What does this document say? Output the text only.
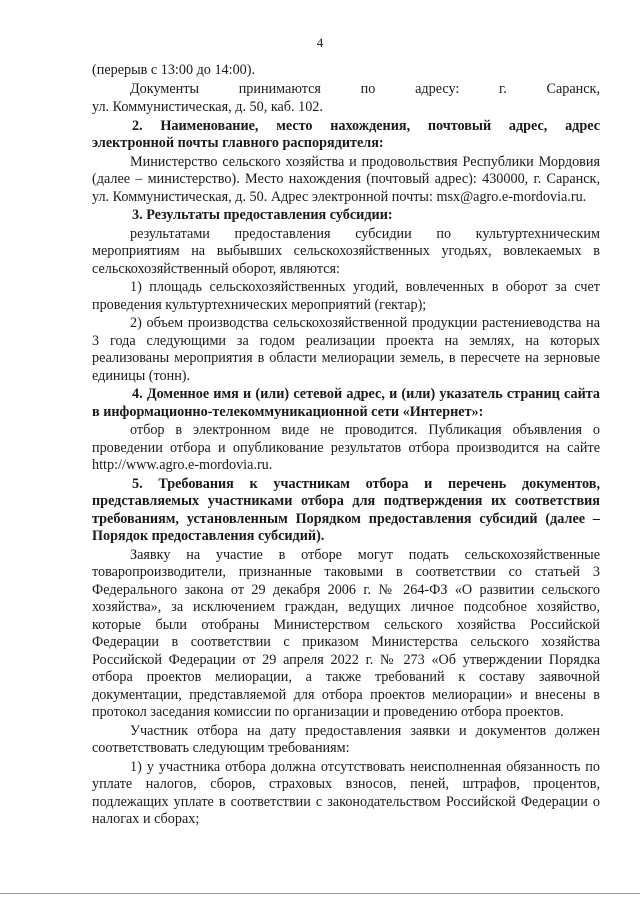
4

(перерыв с 13:00 до 14:00).

Документы принимаются по адресу: г. Саранск,

ул. Коммунистическая, д. 50, каб. 102.

2. Наименование, место нахождения, почтовый адрес, адрес электронной почты главного распорядителя:

Министерство сельского хозяйства и продовольствия Республики Мордовия (далее – министерство). Место нахождения (почтовый адрес): 430000, г. Саранск, ул. Коммунистическая, д. 50. Адрес электронной почты: msx@agro.e-mordovia.ru.

3. Результаты предоставления субсидии:

результатами предоставления субсидии по культуртехническим мероприятиям на выбывших сельскохозяйственных угодьях, вовлекаемых в сельскохозяйственный оборот, являются:

1) площадь сельскохозяйственных угодий, вовлеченных в оборот за счет проведения культуртехнических мероприятий (гектар);

2) объем производства сельскохозяйственной продукции растениеводства на 3 года следующими за годом реализации проекта на землях, на которых реализованы мероприятия в области мелиорации земель, в пересчете на зерновые единицы (тонн).

4. Доменное имя и (или) сетевой адрес, и (или) указатель страниц сайта в информационно-телекоммуникационной сети «Интернет»:

отбор в электронном виде не проводится. Публикация объявления о проведении отбора и опубликование результатов отбора производится на сайте http://www.agro.e-mordovia.ru.

5. Требования к участникам отбора и перечень документов, представляемых участниками отбора для подтверждения их соответствия требованиям, установленным Порядком предоставления субсидий (далее – Порядок предоставления субсидий).

Заявку на участие в отборе могут подать сельскохозяйственные товаропроизводители, признанные таковыми в соответствии со статьей 3 Федерального закона от 29 декабря 2006 г. № 264-ФЗ «О развитии сельского хозяйства», за исключением граждан, ведущих личное подсобное хозяйство, которые были отобраны Министерством сельского хозяйства Российской Федерации в соответствии с приказом Министерства сельского хозяйства Российской Федерации от 29 апреля 2022 г. № 273 «Об утверждении Порядка отбора проектов мелиорации, а также требований к составу заявочной документации, представляемой для отбора проектов мелиорации» и внесены в протокол заседания комиссии по организации и проведению отбора проектов.

Участник отбора на дату предоставления заявки и документов должен соответствовать следующим требованиям:

1) у участника отбора должна отсутствовать неисполненная обязанность по уплате налогов, сборов, страховых взносов, пеней, штрафов, процентов, подлежащих уплате в соответствии с законодательством Российской Федерации о налогах и сборах;
